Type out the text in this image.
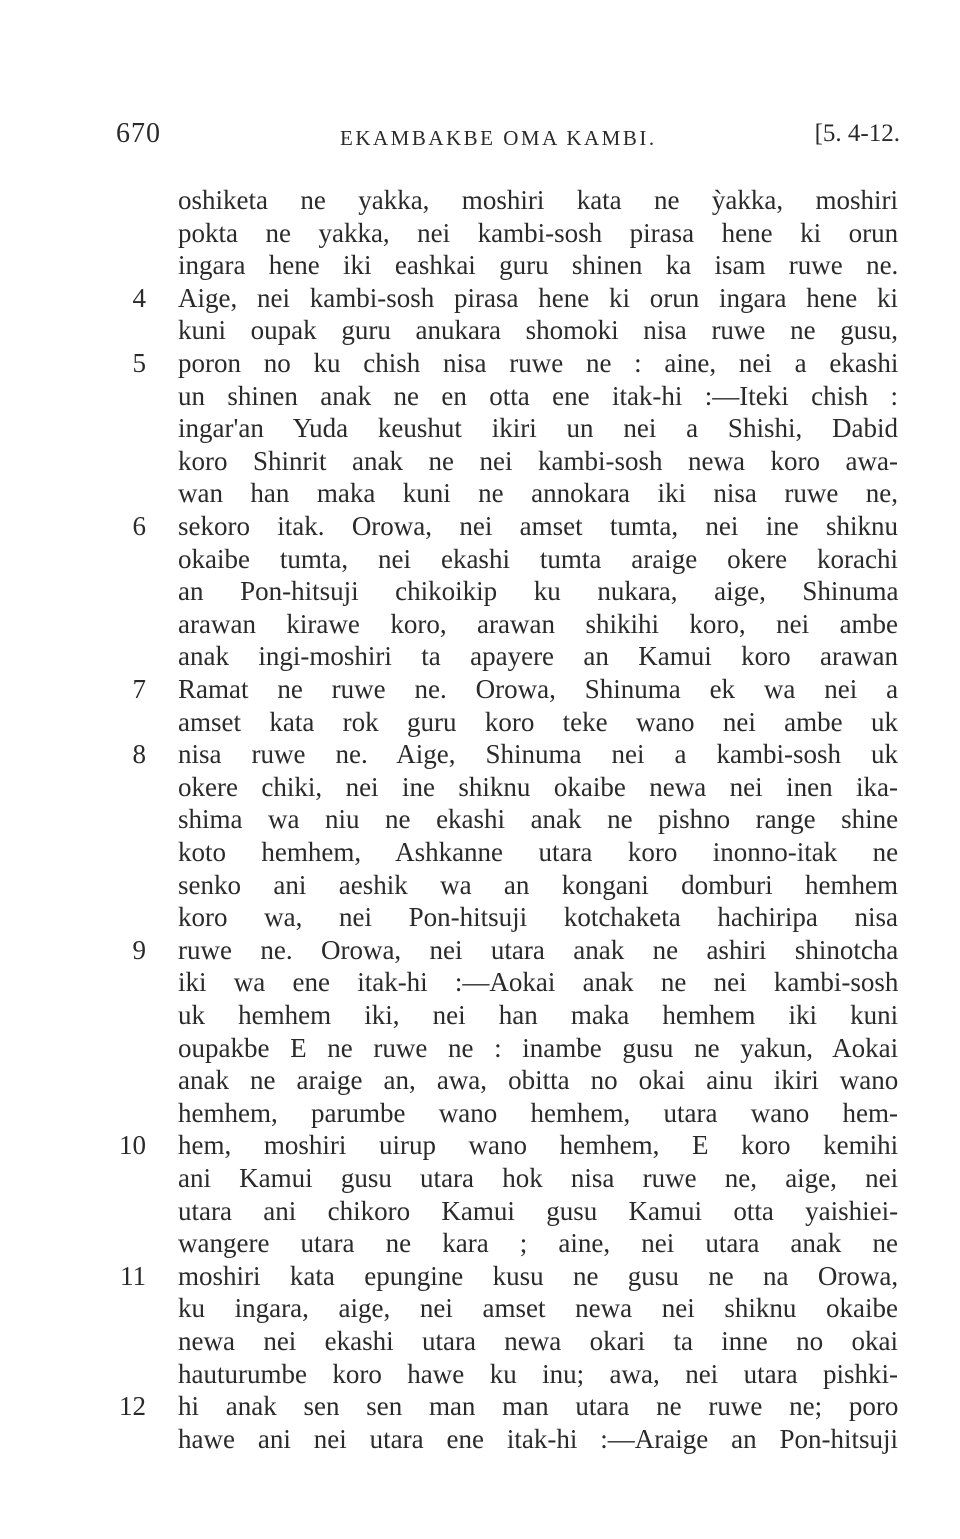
670	EKAMBAKBE OMA KAMBI.	[5. 4-12.
oshiketa ne yakka, moshiri kata ne ỳakka, moshiri
pokta ne yakka, nei kambi-sosh pirasa hene ki orun
ingara hene iki eashkai guru shinen ka isam ruwe ne.
4 Aige, nei kambi-sosh pirasa hene ki orun ingara hene ki
kuni oupak guru anukara shomoki nisa ruwe ne gusu,
5 poron no ku chish nisa ruwe ne : aine, nei a ekashi
un shinen anak ne en otta ene itak-hi :—Iteki chish :
ingar'an Yuda keushut ikiri un nei a Shishi, Dabid
koro Shinrit anak ne nei kambi-sosh newa koro awa-
wan han maka kuni ne annokara iki nisa ruwe ne,
6 sekoro itak. Orowa, nei amset tumta, nei ine shiknu
okaibe tumta, nei ekashi tumta araige okere korachi
an Pon-hitsuji chikoikip ku nukara, aige, Shinuma
arawan kirawe koro, arawan shikihi koro, nei ambe
anak ingi-moshiri ta apayere an Kamui koro arawan
7 Ramat ne ruwe ne. Orowa, Shinuma ek wa nei a
amset kata rok guru koro teke wano nei ambe uk
8 nisa ruwe ne. Aige, Shinuma nei a kambi-sosh uk
okere chiki, nei ine shiknu okaibe newa nei inen ika-
shima wa niu ne ekashi anak ne pishno range shine
koto hemhem, Ashkanne utara koro inonno-itak ne
senko ani aeshik wa an kongani domburi hemhem
koro wa, nei Pon-hitsuji kotchaketa hachiripa nisa
9 ruwe ne. Orowa, nei utara anak ne ashiri shinotcha
iki wa ene itak-hi :—Aokai anak ne nei kambi-sosh
uk hemhem iki, nei han maka hemhem iki kuni
oupakbe E ne ruwe ne : inambe gusu ne yakun, Aokai
anak ne araige an, awa, obitta no okai ainu ikiri wano
hemhem, parumbe wano hemhem, utara wano hem-
10 hem, moshiri uirup wano hemhem, E koro kemihi
ani Kamui gusu utara hok nisa ruwe ne, aige, nei
utara ani chikoro Kamui gusu Kamui otta yaishiei-
wangere utara ne kara ; aine, nei utara anak ne
11 moshiri kata epungine kusu ne gusu ne na Orowa,
ku ingara, aige, nei amset newa nei shiknu okaibe
newa nei ekashi utara newa okari ta inne no okai
hauturumbe koro hawe ku inu; awa, nei utara pishki-
12 hi anak sen sen man man utara ne ruwe ne; poro
hawe ani nei utara ene itak-hi :—Araige an Pon-hitsuji
